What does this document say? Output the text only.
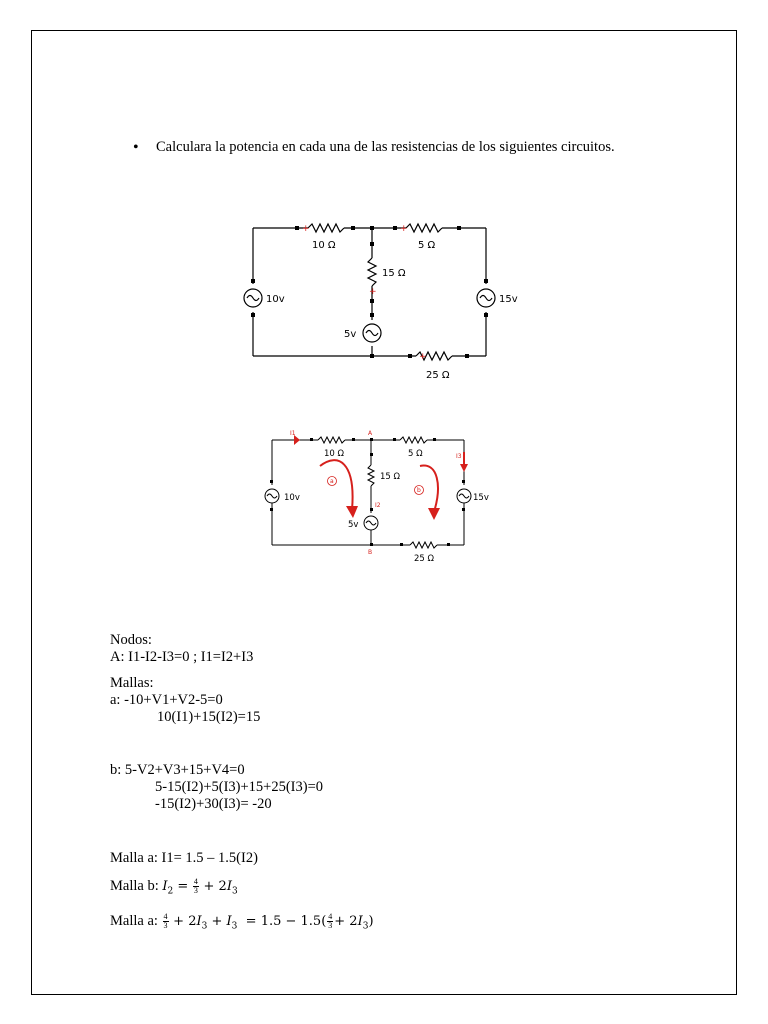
• Calculara la potencia en cada una de las resistencias de los siguientes circuitos.
+	+
+
+
10 Ω	5 Ω
15 Ω
25 Ω
10v
5v
15v
I1
I2
I3
a
b
A
B
10 Ω	5 Ω
15 Ω
25 Ω
10v
5v
15v
Nodos:
A: I1-I2-I3=0 ; I1=I2+I3
Mallas:
a: -10+V1+V2-5=0
10(I1)+15(I2)=15
b: 5-V2+V3+15+V4=0
5-15(I2)+5(I3)+15+25(I3)=0
-15(I2)+30(I3)= -20
Malla a: I1= 1.5 – 1.5(I2)
Malla b: $I_2 = \frac{4}{3} + 2I_3$
Malla a: $\frac{4}{3} + 2I_3 + I_3 = 1.5 - 1.5( \frac{4}{3} + 2I_3)$
